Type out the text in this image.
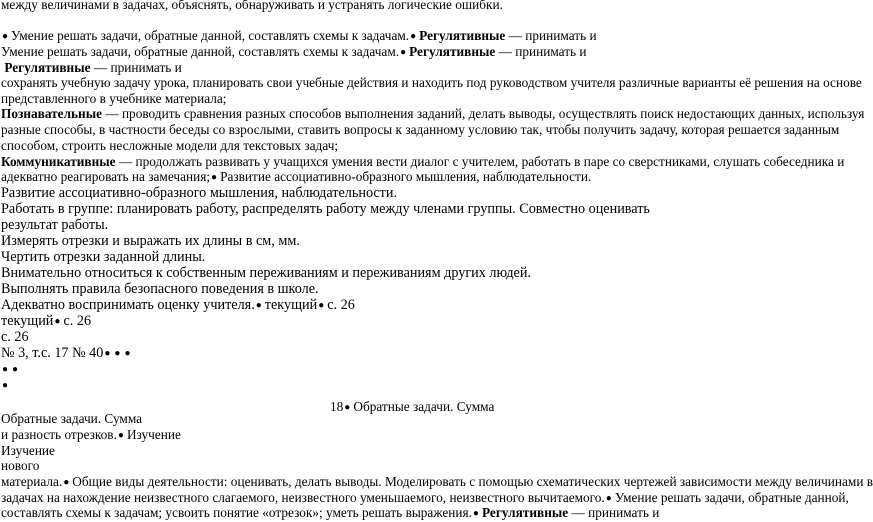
между величинами в задачах, объяснять, обнаруживать и устранять логические ошибки.
● Умение решать задачи, обратные данной, составлять схемы к задачам.● Регулятивные — принимать и
Умение решать задачи, обратные данной, составлять схемы к задачам.● Регулятивные — принимать и
Регулятивные — принимать и
сохранять учебную задачу урока, планировать свои учебные действия и находить под руководством учителя различные варианты её решения на основе
представленного в учебнике материала;
Познавательные — проводить сравнения разных способов выполнения заданий, делать выводы, осуществлять поиск недостающих данных, используя
разные способы, в частности беседы со взрослыми, ставить вопросы к заданному условию так, чтобы получить задачу, которая решается заданным
способом, строить несложные модели для текстовых задач;
Коммуникативные — продолжать развивать у учащихся умения вести диалог с учителем, работать в паре со сверстниками, слушать собеседника и
адекватно реагировать на замечания;● Развитие ассоциативно-образного мышления, наблюдательности.
Развитие ассоциативно-образного мышления, наблюдательности.
Работать в группе: планировать работу, распределять работу между членами группы. Совместно оценивать
результат работы.
Измерять отрезки и выражать их длины в см, мм.
Чертить отрезки заданной длины.
Внимательно относиться к собственным переживаниям и переживаниям других людей.
Выполнять правила безопасного поведения в школе.
Адекватно воспринимать оценку учителя.● текущий● с. 26
текущий● с. 26
с. 26
№ 3, т.с. 17 № 40● ● ●
● ●
●
18● Обратные задачи. Сумма
Обратные задачи. Сумма
и разность отрезков.● Изучение
Изучение
нового
материала.● Общие виды деятельности: оценивать, делать выводы. Моделировать с помощью схематических чертежей зависимости между величинами в
задачах на нахождение неизвестного слагаемого, неизвестного уменьшаемого, неизвестного вычитаемого.● Умение решать задачи, обратные данной,
составлять схемы к задачам; усвоить понятие «отрезок»; уметь решать выражения.● Регулятивные — принимать и
